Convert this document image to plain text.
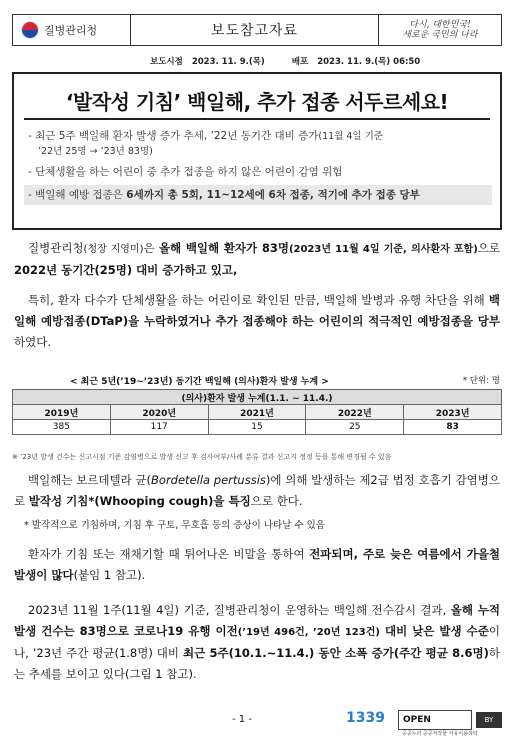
질병관리청	보도참고자료	다시, 대한민국!
새로운 국민의 나라
보도시점 2023. 11. 9.(목)	배포 2023. 11. 9.(목) 06:50
‘발작성 기침’ 백일해, 추가 접종 서두르세요!
- 최근 5주 백일해 환자 발생 증가 추세, ’22년 동기간 대비 증가(11월 4일 기준
’22년 25명 → ’23년 83명)
- 단체생활을 하는 어린이 중 추가 접종을 하지 않은 어린이 감염 위험
- 백일해 예방 접종은 6세까지 총 5회, 11~12세에 6차 접종, 적기에 추가 접종 당부
질병관리청(청장 지영미)은 올해 백일해 환자가 83명(2023년 11월 4일 기준, 의사환자 포함)으로 2022년 동기간(25명) 대비 증가하고 있고,
특히, 환자 다수가 단체생활을 하는 어린이로 확인된 만큼, 백일해 발병과 유행 차단을 위해 백일해 예방접종(DTaP)을 누락하였거나 추가 접종해야 하는 어린이의 적극적인 예방접종을 당부하였다.
< 최근 5년(’19~’23년) 동기간 백일해 (의사)환자 발생 누계 >	* 단위: 명
(의사)환자 발생 누계(1.1. ~ 11.4.)				
2019년	2020년	2021년	2022년	2023년
385	117	15	25	83
※ ’23년 발생 건수는 신고시점 기준 감염병으로 발생 신고 후 검사여부/사례 분류 결과 신고지 정정 등을 통해 변경될 수 있음
백일해는 보르데텔라 균(Bordetella pertussis)에 의해 발생하는 제2급 법정 호흡기 감염병으로 발작성 기침*(Whooping cough)을 특징으로 한다.
* 발작적으로 기침하며, 기침 후 구토, 무호흡 등의 증상이 나타날 수 있음
환자가 기침 또는 재채기할 때 튀어나온 비말을 통하여 전파되며, 주로 늦은 여름에서 가을철 발생이 많다(붙임 1 참고).
2023년 11월 1주(11월 4일) 기준, 질병관리청이 운영하는 백일해 전수감시 결과, 올해 누적 발생 건수는 83명으로 코로나19 유행 이전(’19년 496건, ’20년 123건) 대비 낮은 발생 수준이나, ’23년 주간 평균(1.8명) 대비 최근 5주(10.1.~11.4.) 동안 소폭 증가(주간 평균 8.6명)하는 추세를 보이고 있다(그림 1 참고).
- 1 -	1339 OPEN
공공누리 공공저작물 자유이용허락
BY
